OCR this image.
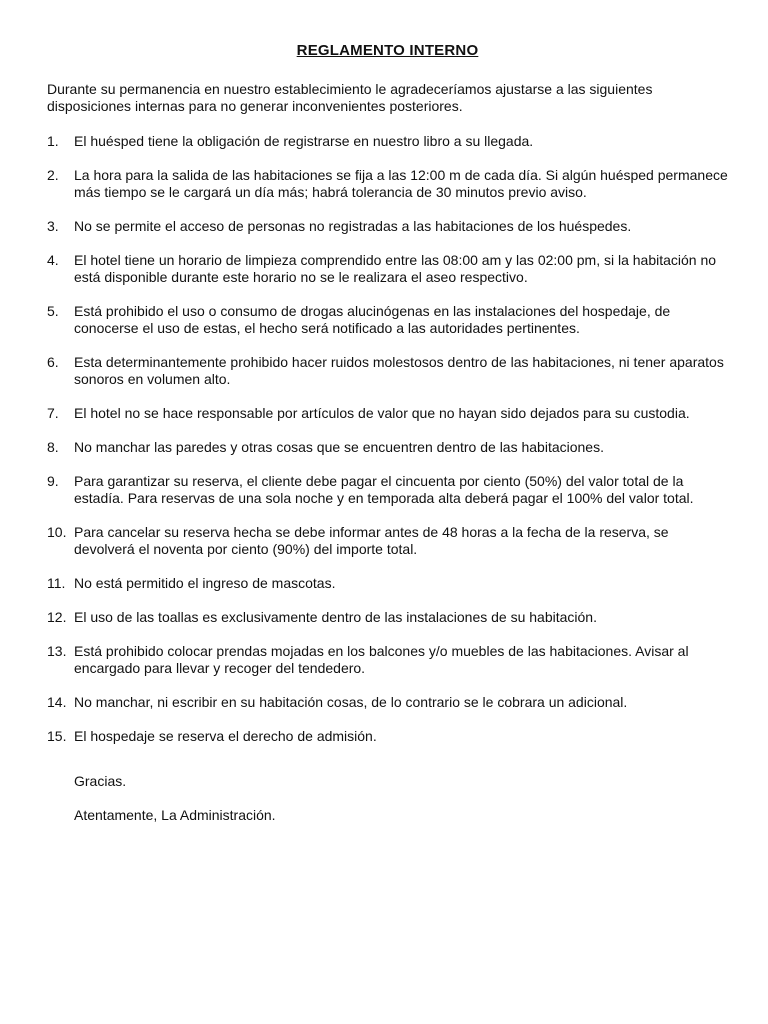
REGLAMENTO INTERNO

Durante su permanencia en nuestro establecimiento le agradeceríamos ajustarse a las siguientes disposiciones internas para no generar inconvenientes posteriores.

1.	El huésped tiene la obligación de registrarse en nuestro libro a su llegada.
2.	La hora para la salida de las habitaciones se fija a las 12:00 m de cada día. Si algún huésped permanece más tiempo se le cargará un día más; habrá tolerancia de 30 minutos previo aviso.
3.	No se permite el acceso de personas no registradas a las habitaciones de los huéspedes.
4.	El hotel tiene un horario de limpieza comprendido entre las 08:00 am y las 02:00 pm, si la habitación no está disponible durante este horario no se le realizara el aseo respectivo.
5.	Está prohibido el uso o consumo de drogas alucinógenas en las instalaciones del hospedaje, de conocerse el uso de estas, el hecho será notificado a las autoridades pertinentes.
6.	Esta determinantemente prohibido hacer ruidos molestosos dentro de las habitaciones, ni tener aparatos sonoros en volumen alto.
7.	El hotel no se hace responsable por artículos de valor que no hayan sido dejados para su custodia.
8.	No manchar las paredes y otras cosas que se encuentren dentro de las habitaciones.
9.	Para garantizar su reserva, el cliente debe pagar el cincuenta por ciento (50%) del valor total de la estadía. Para reservas de una sola noche y en temporada alta deberá pagar el 100% del valor total.
10. Para cancelar su reserva hecha se debe informar antes de 48 horas a la fecha de la reserva, se devolverá el noventa por ciento (90%) del importe total.
11. No está permitido el ingreso de mascotas.
12. El uso de las toallas es exclusivamente dentro de las instalaciones de su habitación.
13. Está prohibido colocar prendas mojadas en los balcones y/o muebles de las habitaciones. Avisar al encargado para llevar y recoger del tendedero.
14. No manchar, ni escribir en su habitación cosas, de lo contrario se le cobrara un adicional.
15. El hospedaje se reserva el derecho de admisión.

Gracias.

Atentamente, La Administración.
